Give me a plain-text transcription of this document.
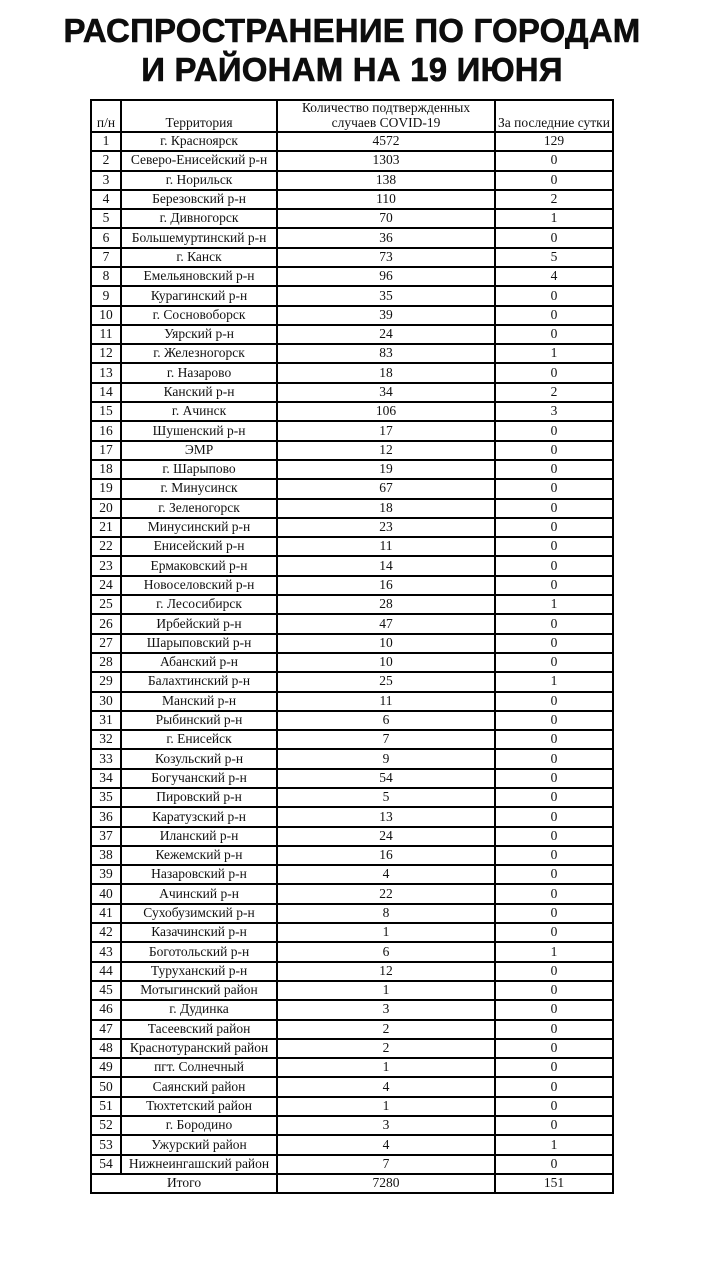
РАСПРОСТРАНЕНИЕ ПО ГОРОДАМ
И РАЙОНАМ НА 19 ИЮНЯ
п/н	Территория	Количество подтвержденных случаев COVID-19	За последние сутки
1	г. Красноярск	4572	129
2	Северо-Енисейский р-н	1303	0
3	г. Норильск	138	0
4	Березовский р-н	110	2
5	г. Дивногорск	70	1
6	Большемуртинский р-н	36	0
7	г. Канск	73	5
8	Емельяновский р-н	96	4
9	Курагинский р-н	35	0
10	г. Сосновоборск	39	0
11	Уярский р-н	24	0
12	г. Железногорск	83	1
13	г. Назарово	18	0
14	Канский р-н	34	2
15	г. Ачинск	106	3
16	Шушенский р-н	17	0
17	ЭМР	12	0
18	г. Шарыпово	19	0
19	г. Минусинск	67	0
20	г. Зеленогорск	18	0
21	Минусинский р-н	23	0
22	Енисейский р-н	11	0
23	Ермаковский р-н	14	0
24	Новоселовский р-н	16	0
25	г. Лесосибирск	28	1
26	Ирбейский р-н	47	0
27	Шарыповский р-н	10	0
28	Абанский р-н	10	0
29	Балахтинский р-н	25	1
30	Манский р-н	11	0
31	Рыбинский р-н	6	0
32	г. Енисейск	7	0
33	Козульский р-н	9	0
34	Богучанский р-н	54	0
35	Пировский р-н	5	0
36	Каратузский р-н	13	0
37	Иланский р-н	24	0
38	Кежемский р-н	16	0
39	Назаровский р-н	4	0
40	Ачинский р-н	22	0
41	Сухобузимский р-н	8	0
42	Казачинский р-н	1	0
43	Боготольский р-н	6	1
44	Туруханский р-н	12	0
45	Мотыгинский район	1	0
46	г. Дудинка	3	0
47	Тасеевский район	2	0
48	Краснотуранский район	2	0
49	пгт. Солнечный	1	0
50	Саянский район	4	0
51	Тюхтетский район	1	0
52	г. Бородино	3	0
53	Ужурский район	4	1
54	Нижнеингашский район	7	0
Итого		7280	151
